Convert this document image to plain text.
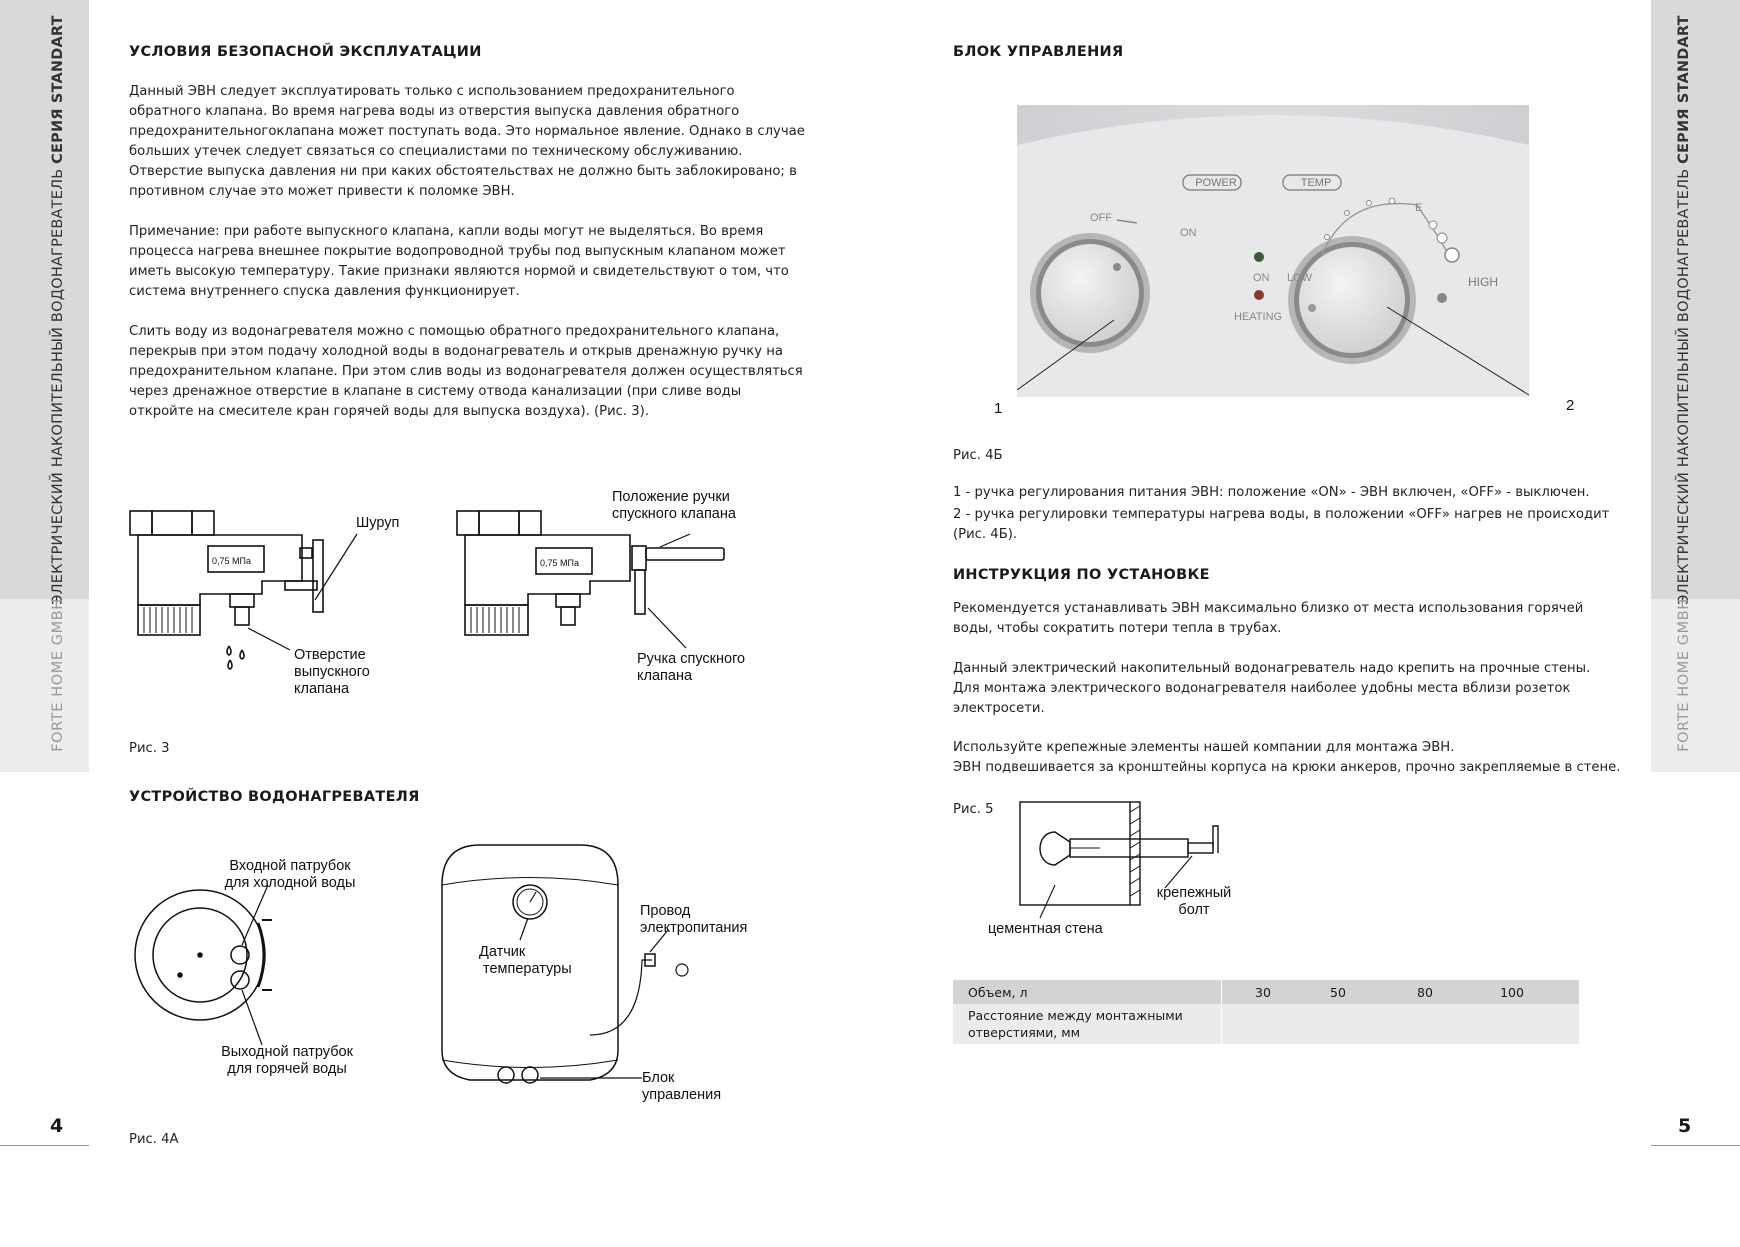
ЭЛЕКТРИЧЕСКИЙ НАКОПИТЕЛЬНЫЙ ВОДОНАГРЕВАТЕЛЬ СЕРИЯ STANDART
FORTE HOME GMBH
4
ЭЛЕКТРИЧЕСКИЙ НАКОПИТЕЛЬНЫЙ ВОДОНАГРЕВАТЕЛЬ СЕРИЯ STANDART
FORTE HOME GMBH
5
УСЛОВИЯ БЕЗОПАСНОЙ ЭКСПЛУАТАЦИИ
Данный ЭВН следует эксплуатировать только с использованием предохранительного
обратного клапана. Во время нагрева воды из отверстия выпуска давления обратного
предохранительногоклапана может поступать вода. Это нормальное явление. Однако в случае
больших утечек следует связаться со специалистами по техническому обслуживанию.
Отверстие выпуска давления ни при каких обстоятельствах не должно быть заблокировано; в
противном случае это может привести к поломке ЭВН.
Примечание: при работе выпускного клапана, капли воды могут не выделяться. Во время
процесса нагрева внешнее покрытие водопроводной трубы под выпускным клапаном может
иметь высокую температуру. Такие признаки являются нормой и свидетельствуют о том, что
система внутреннего спуска давления функционирует.
Слить воду из водонагревателя можно с помощью обратного предохранительного клапана,
перекрыв при этом подачу холодной воды в водонагреватель и открыв дренажную ручку на
предохранительном клапане. При этом слив воды из водонагревателя должен осуществляться
через дренажное отверстие в клапане в систему отвода канализации (при сливе воды
откройте на смесителе кран горячей воды для выпуска воздуха). (Рис. 3).
0,75 МПа	0,75 МПа
Шуруп
Отверстие
выпускного
клапана
Положение ручки
спускного клапана
Ручка спускного
клапана
Рис. 3
УСТРОЙСТВО ВОДОНАГРЕВАТЕЛЯ
Входной патрубок
для холодной воды
Выходной патрубок
для горячей воды
Датчик
температуры
Провод
электропитания
Блок
управления
Рис. 4А
БЛОК УПРАВЛЕНИЯ
POWER	TEMP
OFF
ON
ON
HEATING
LOW
E
HIGH
1	2
Рис. 4Б
1 - ручка регулирования питания ЭВН: положение «ON» - ЭВН включен, «OFF» - выключен.
2 - ручка регулировки температуры нагрева воды, в положении «OFF» нагрев не происходит
(Рис. 4Б).
ИНСТРУКЦИЯ ПО УСТАНОВКЕ
Рекомендуется устанавливать ЭВН максимально близко от места использования горячей
воды, чтобы сократить потери тепла в трубах.
Данный электрический накопительный водонагреватель надо крепить на прочные стены.
Для монтажа электрического водонагревателя наиболее удобны места вблизи розеток
электросети.
Используйте крепежные элементы нашей компании для монтажа ЭВН.
ЭВН подвешивается за кронштейны корпуса на крюки анкеров, прочно закрепляемые в стене.
Рис. 5
крепежный
болт
цементная стена
Объем, л		30	50	80	100	

Расстояние между монтажными
отверстиями, мм						
